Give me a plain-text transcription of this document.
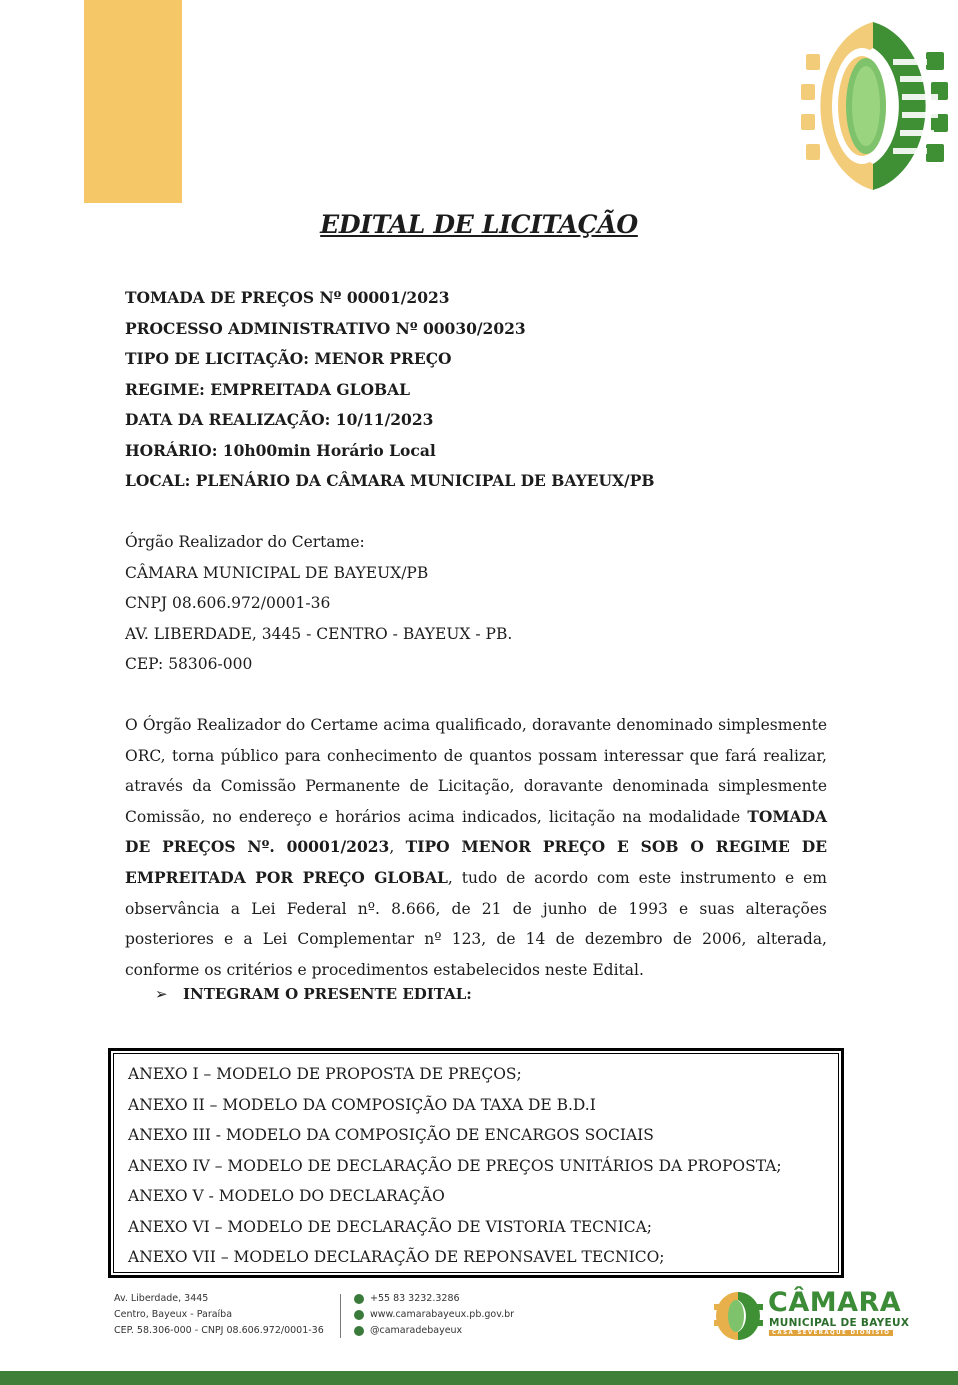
EDITAL DE LICITAÇÃO
TOMADA DE PREÇOS Nº 00001/2023
PROCESSO ADMINISTRATIVO Nº 00030/2023
TIPO DE LICITAÇÃO: MENOR PREÇO
REGIME: EMPREITADA GLOBAL
DATA DA REALIZAÇÃO: 10/11/2023
HORÁRIO: 10h00min Horário Local
LOCAL: PLENÁRIO DA CÂMARA MUNICIPAL DE BAYEUX/PB
Órgão Realizador do Certame:
CÂMARA MUNICIPAL DE BAYEUX/PB
CNPJ 08.606.972/0001-36
AV. LIBERDADE, 3445 - CENTRO - BAYEUX - PB.
CEP: 58306-000

O Órgão Realizador do Certame acima qualificado, doravante denominado simplesmente ORC, torna público para conhecimento de quantos possam interessar que fará realizar, através da Comissão Permanente de Licitação, doravante denominada simplesmente Comissão, no endereço e horários acima indicados, licitação na modalidade TOMADA DE PREÇOS Nº. 00001/2023, TIPO MENOR PREÇO E SOB O REGIME DE EMPREITADA POR PREÇO GLOBAL, tudo de acordo com este instrumento e em observância a Lei Federal nº. 8.666, de 21 de junho de 1993 e suas alterações posteriores e a Lei Complementar nº 123, de 14 de dezembro de 2006, alterada, conforme os critérios e procedimentos estabelecidos neste Edital.

➢ INTEGRAM O PRESENTE EDITAL:
ANEXO I – MODELO DE PROPOSTA DE PREÇOS;
ANEXO II – MODELO DA COMPOSIÇÃO DA TAXA DE B.D.I
ANEXO III - MODELO DA COMPOSIÇÃO DE ENCARGOS SOCIAIS
ANEXO IV – MODELO DE DECLARAÇÃO DE PREÇOS UNITÁRIOS DA PROPOSTA;
ANEXO V - MODELO DO DECLARAÇÃO
ANEXO VI – MODELO DE DECLARAÇÃO DE VISTORIA TECNICA;
ANEXO VII – MODELO DECLARAÇÃO DE REPONSAVEL TECNICO;
Av. Liberdade, 3445
Centro, Bayeux - Paraíba
CEP. 58.306-000 - CNPJ 08.606.972/0001-36
+55 83 3232.3286
www.camarabayeux.pb.gov.br
@camaradebayeux
CÂMARA
MUNICIPAL DE BAYEUX
CASA SEVERAQUE DIONISIO
